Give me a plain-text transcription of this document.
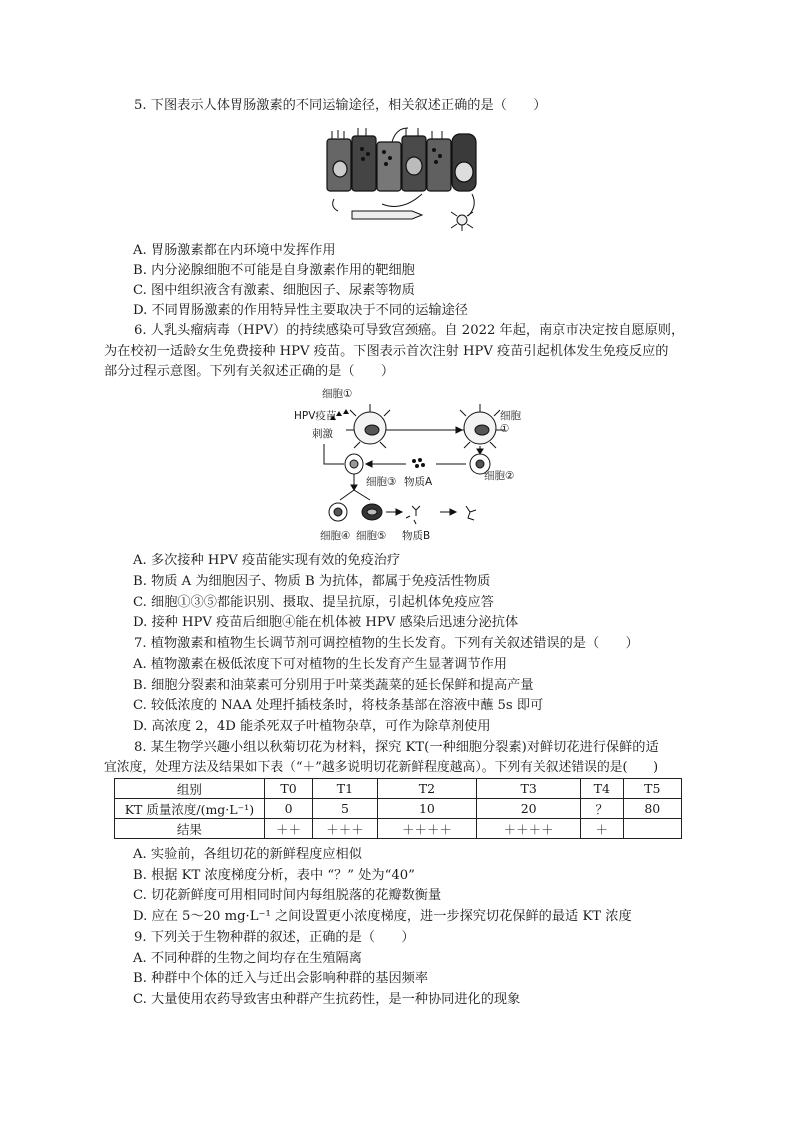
5. 下图表示人体胃肠激素的不同运输途径，相关叙述正确的是（　　）
A. 胃肠激素都在内环境中发挥作用
B. 内分泌腺细胞不可能是自身激素作用的靶细胞
C. 图中组织液含有激素、细胞因子、尿素等物质
D. 不同胃肠激素的作用特异性主要取决于不同的运输途径
6. 人乳头瘤病毒（HPV）的持续感染可导致宫颈癌。自 2022 年起，南京市决定按自愿原则，
为在校初一适龄女生免费接种 HPV 疫苗。下图表示首次注射 HPV 疫苗引起机体发生免疫反应的
部分过程示意图。下列有关叙述正确的是（　　）
细胞①
HPV疫苗
刺激
细胞①
细胞②
细胞③ 物质A
细胞④ 细胞⑤ 物质B
A. 多次接种 HPV 疫苗能实现有效的免疫治疗
B. 物质 A 为细胞因子、物质 B 为抗体，都属于免疫活性物质
C. 细胞①③⑤都能识别、摄取、提呈抗原，引起机体免疫应答
D. 接种 HPV 疫苗后细胞④能在机体被 HPV 感染后迅速分泌抗体
7. 植物激素和植物生长调节剂可调控植物的生长发育。下列有关叙述错误的是（　　）
A. 植物激素在极低浓度下可对植物的生长发育产生显著调节作用
B. 细胞分裂素和油菜素可分别用于叶菜类蔬菜的延长保鲜和提高产量
C. 较低浓度的 NAA 处理扦插枝条时，将枝条基部在溶液中蘸 5s 即可
D. 高浓度 2，4D 能杀死双子叶植物杂草，可作为除草剂使用
8. 某生物学兴趣小组以秋菊切花为材料，探究 KT(一种细胞分裂素)对鲜切花进行保鲜的适
宜浓度，处理方法及结果如下表（“＋”越多说明切花新鲜程度越高）。下列有关叙述错误的是(　　)
组别	T0	T1	T2	T3	T4	T5
KT 质量浓度/(mg·L⁻¹)	0	5	10	20	？	80
结果	＋＋	＋＋＋	＋＋＋＋	＋＋＋＋	＋	
A. 实验前，各组切花的新鲜程度应相似
B. 根据 KT 浓度梯度分析，表中 “？” 处为“40”
C. 切花新鲜度可用相同时间内每组脱落的花瓣数衡量
D. 应在 5～20 mg·L⁻¹ 之间设置更小浓度梯度，进一步探究切花保鲜的最适 KT 浓度
9. 下列关于生物种群的叙述，正确的是（　　）
A. 不同种群的生物之间均存在生殖隔离
B. 种群中个体的迁入与迁出会影响种群的基因频率
C. 大量使用农药导致害虫种群产生抗药性，是一种协同进化的现象
